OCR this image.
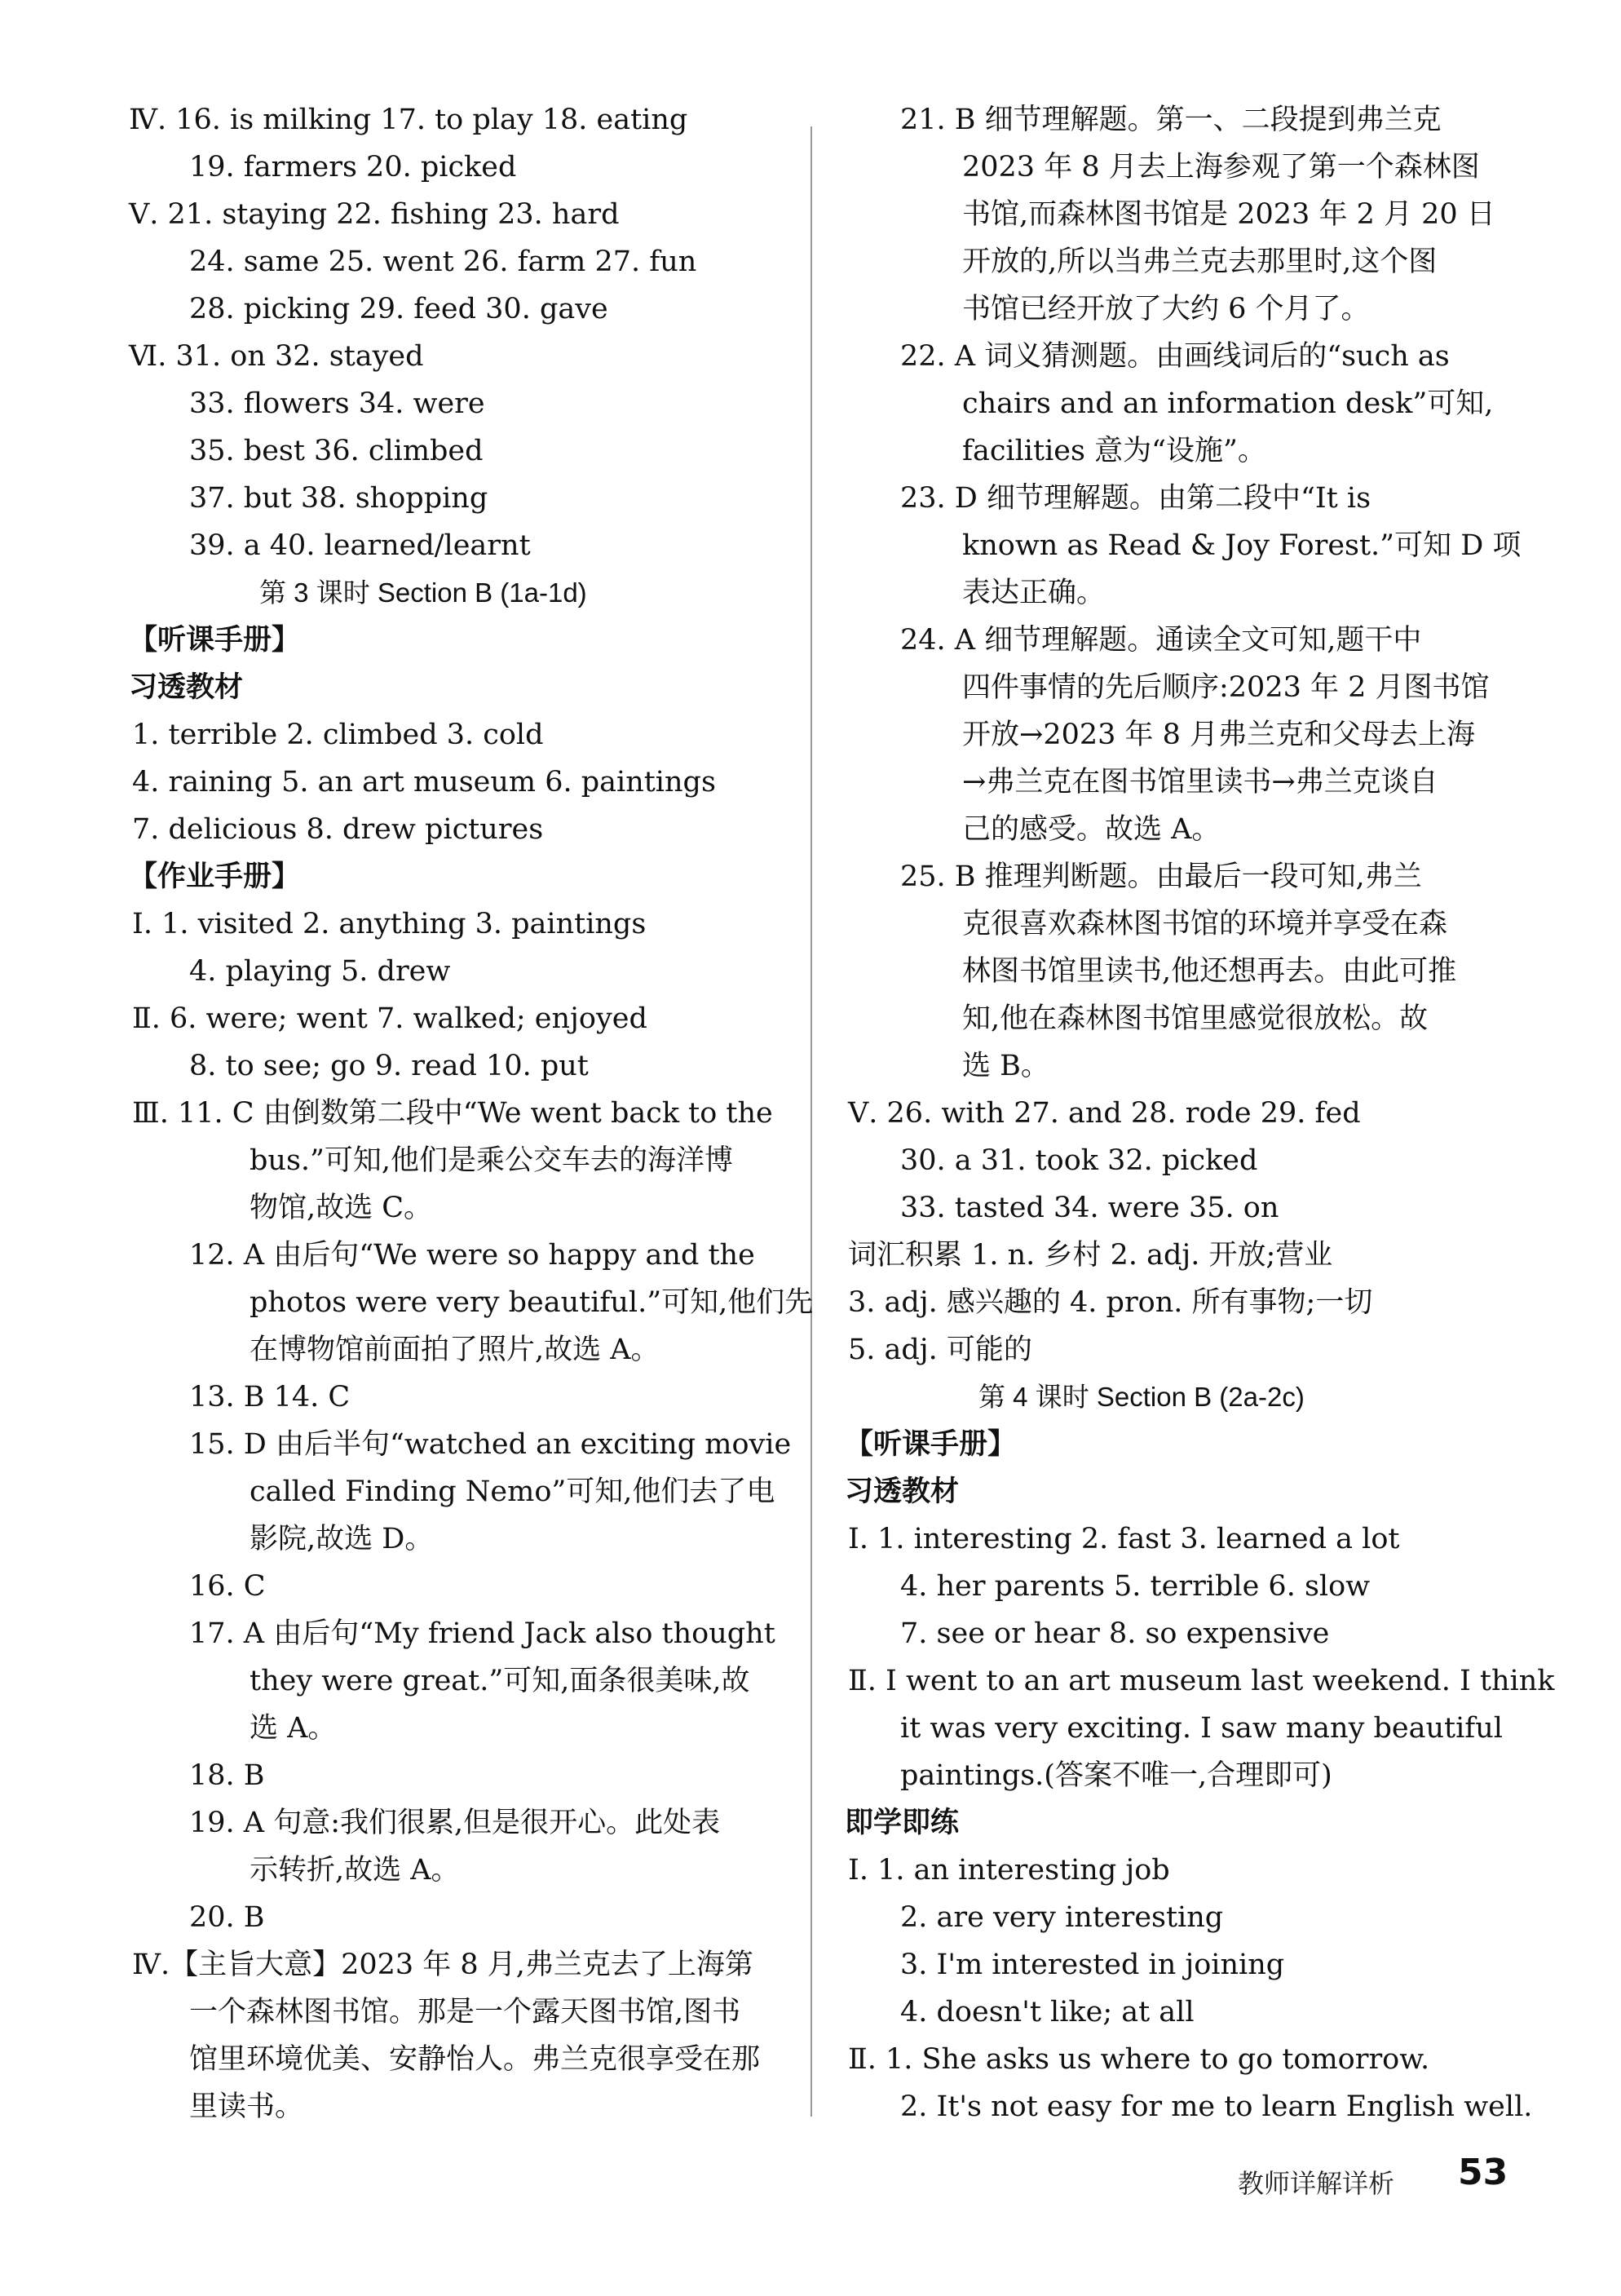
Ⅳ. 16. is milking 17. to play 18. eating
19. farmers 20. picked
Ⅴ. 21. staying 22. fishing 23. hard
24. same 25. went 26. farm 27. fun
28. picking 29. feed 30. gave
Ⅵ. 31. on 32. stayed
33. flowers 34. were
35. best 36. climbed
37. but 38. shopping
39. a 40. learned/learnt
第 3 课时 Section B (1a-1d)
【听课手册】
习透教材
1. terrible 2. climbed 3. cold
4. raining 5. an art museum 6. paintings
7. delicious 8. drew pictures
【作业手册】
Ⅰ. 1. visited 2. anything 3. paintings
4. playing 5. drew
Ⅱ. 6. were; went 7. walked; enjoyed
8. to see; go 9. read 10. put
Ⅲ. 11. C 由倒数第二段中“We went back to the
bus.”可知,他们是乘公交车去的海洋博
物馆,故选 C。
12. A 由后句“We were so happy and the
photos were very beautiful.”可知,他们先
在博物馆前面拍了照片,故选 A。
13. B 14. C
15. D 由后半句“watched an exciting movie
called Finding Nemo”可知,他们去了电
影院,故选 D。
16. C
17. A 由后句“My friend Jack also thought
they were great.”可知,面条很美味,故
选 A。
18. B
19. A 句意:我们很累,但是很开心。此处表
示转折,故选 A。
20. B
Ⅳ.【主旨大意】2023 年 8 月,弗兰克去了上海第
一个森林图书馆。那是一个露天图书馆,图书
馆里环境优美、安静怡人。弗兰克很享受在那
里读书。
21. B 细节理解题。第一、二段提到弗兰克
2023 年 8 月去上海参观了第一个森林图
书馆,而森林图书馆是 2023 年 2 月 20 日
开放的,所以当弗兰克去那里时,这个图
书馆已经开放了大约 6 个月了。
22. A 词义猜测题。由画线词后的“such as
chairs and an information desk”可知,
facilities 意为“设施”。
23. D 细节理解题。由第二段中“It is
known as Read & Joy Forest.”可知 D 项
表达正确。
24. A 细节理解题。通读全文可知,题干中
四件事情的先后顺序:2023 年 2 月图书馆
开放→2023 年 8 月弗兰克和父母去上海
→弗兰克在图书馆里读书→弗兰克谈自
己的感受。故选 A。
25. B 推理判断题。由最后一段可知,弗兰
克很喜欢森林图书馆的环境并享受在森
林图书馆里读书,他还想再去。由此可推
知,他在森林图书馆里感觉很放松。故
选 B。
Ⅴ. 26. with 27. and 28. rode 29. fed
30. a 31. took 32. picked
33. tasted 34. were 35. on
词汇积累 1. n. 乡村 2. adj. 开放;营业
3. adj. 感兴趣的 4. pron. 所有事物;一切
5. adj. 可能的
第 4 课时 Section B (2a-2c)
【听课手册】
习透教材
Ⅰ. 1. interesting 2. fast 3. learned a lot
4. her parents 5. terrible 6. slow
7. see or hear 8. so expensive
Ⅱ. I went to an art museum last weekend. I think
it was very exciting. I saw many beautiful
paintings.(答案不唯一,合理即可)
即学即练
Ⅰ. 1. an interesting job
2. are very interesting
3. I'm interested in joining
4. doesn't like; at all
Ⅱ. 1. She asks us where to go tomorrow.
2. It's not easy for me to learn English well.
教师详解详析 53
